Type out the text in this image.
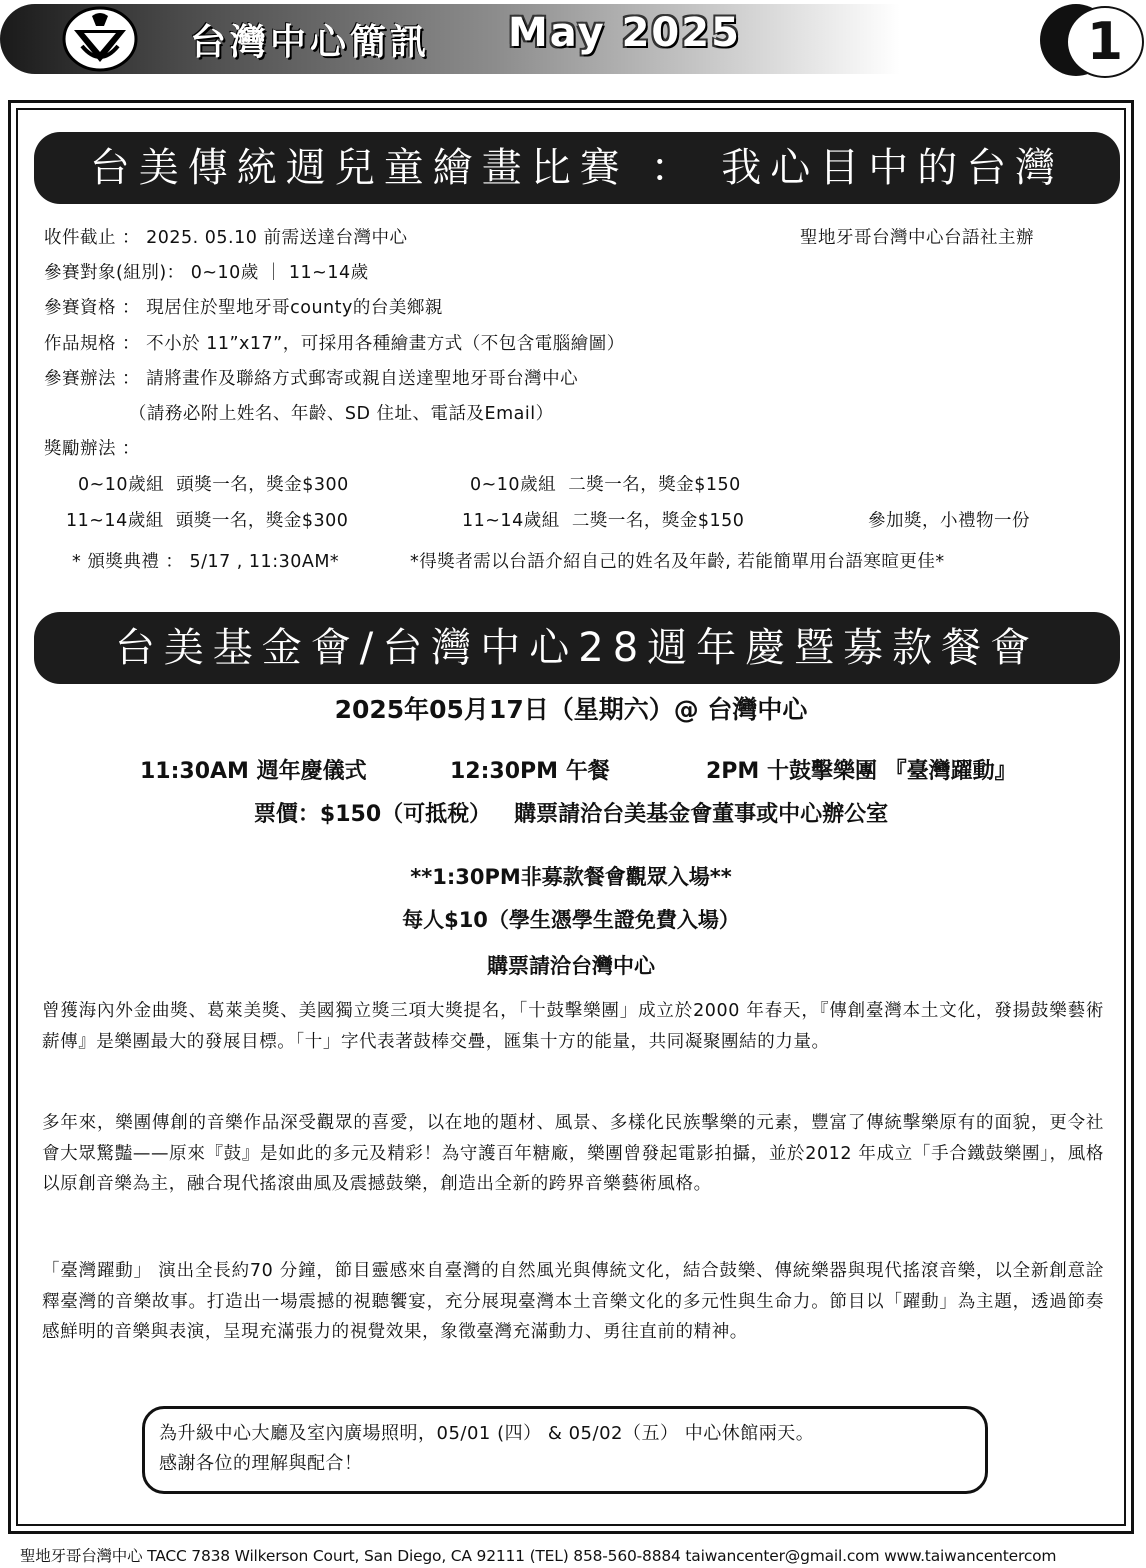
台灣中心簡訊 May 2025	1
台美傳統週兒童繪畫比賽 ： 我心目中的台灣
聖地牙哥台灣中心台語社主辦
收件截止 ： 2025. 05.10 前需送達台灣中心
參賽對象(組別)： 0~10歲 ｜ 11~14歲
參賽資格 ： 現居住於聖地牙哥county的台美鄉親
作品規格 ： 不小於 11”x17”，可採用各種繪畫方式（不包含電腦繪圖）
參賽辦法 ： 請將畫作及聯絡方式郵寄或親自送達聖地牙哥台灣中心
（請務必附上姓名、年齡、SD 住址、電話及Email）
獎勵辦法 ：
0~10歲組  頭獎一名，獎金$300	0~10歲組  二獎一名，獎金$150
11~14歲組  頭獎一名，獎金$300	11~14歲組  二獎一名，獎金$150	參加獎，小禮物一份
* 頒獎典禮 ： 5/17 , 11:30AM*	*得獎者需以台語介紹自己的姓名及年齡, 若能簡單用台語寒暄更佳*
台美基金會/台灣中心28週年慶暨募款餐會
2025年05月17日（星期六）@ 台灣中心
11:30AM 週年慶儀式	12:30PM 午餐	2PM 十鼓擊樂團 『臺灣躍動』
票價：$150（可抵稅）   購票請洽台美基金會董事或中心辦公室
**1:30PM非募款餐會觀眾入場**
每人$10（學生憑學生證免費入場）
購票請洽台灣中心
曾獲海內外金曲獎、葛萊美獎、美國獨立獎三項大獎提名，「十鼓擊樂團」成立於2000 年春天，『傳創臺灣本土文化，發揚鼓樂藝術薪傳』是樂團最大的發展目標。「十」字代表著鼓棒交疊，匯集十方的能量，共同凝聚團結的力量。
多年來，樂團傳創的音樂作品深受觀眾的喜愛，以在地的題材、風景、多樣化民族擊樂的元素，豐富了傳統擊樂原有的面貌，更令社會大眾驚豔——原來『鼓』是如此的多元及精彩！為守護百年糖廠，樂團曾發起電影拍攝，並於2012 年成立「手合鐵鼓樂團」，風格以原創音樂為主，融合現代搖滾曲風及震撼鼓樂，創造出全新的跨界音樂藝術風格。
「臺灣躍動」 演出全長約70 分鐘，節目靈感來自臺灣的自然風光與傳統文化，結合鼓樂、傳統樂器與現代搖滾音樂，以全新創意詮釋臺灣的音樂故事。打造出一場震撼的視聽饗宴，充分展現臺灣本土音樂文化的多元性與生命力。節目以「躍動」為主題，透過節奏感鮮明的音樂與表演，呈現充滿張力的視覺效果，象徵臺灣充滿動力、勇往直前的精神。
為升級中心大廳及室內廣場照明，05/01 (四） & 05/02（五） 中心休館兩天。
感謝各位的理解與配合！
聖地牙哥台灣中心 TACC 7838 Wilkerson Court, San Diego, CA 92111 (TEL) 858-560-8884 taiwancenter@gmail.com www.taiwancentercom
